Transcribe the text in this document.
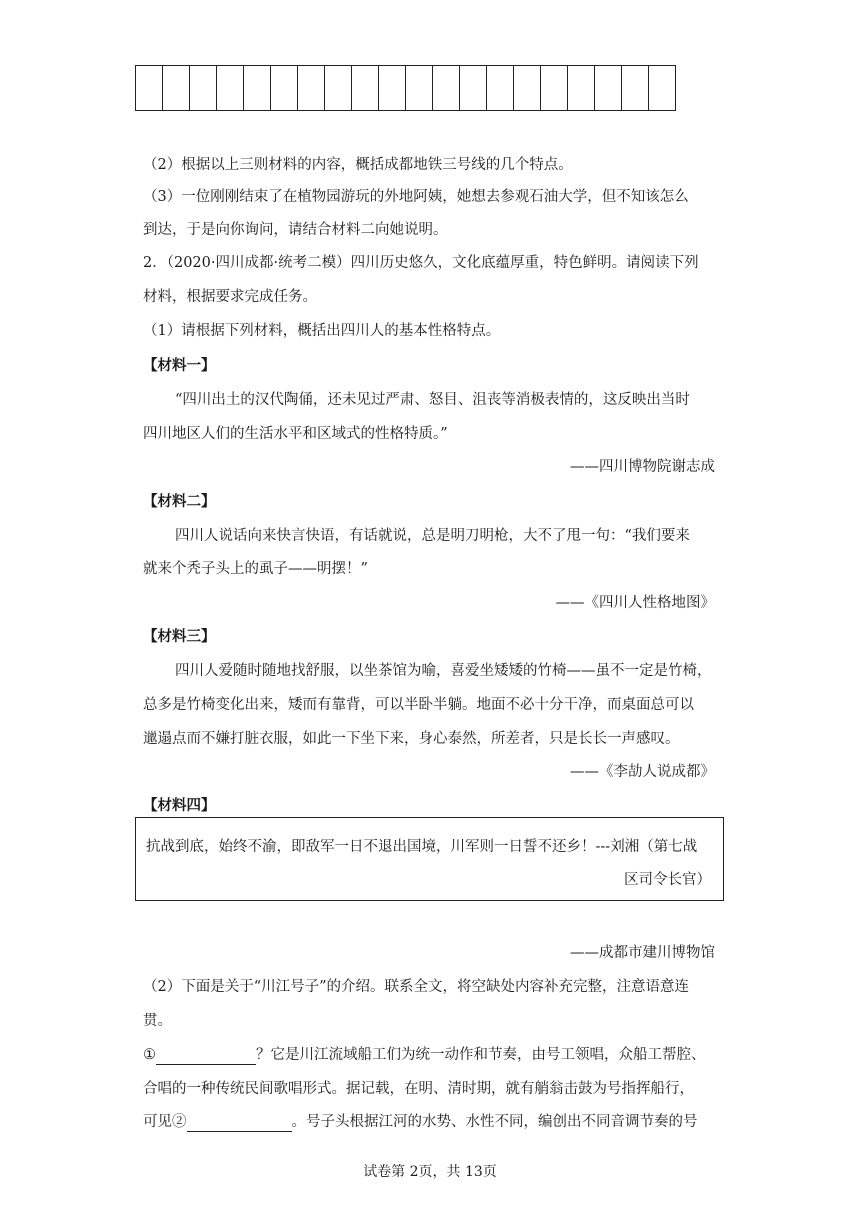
（2）根据以上三则材料的内容，概括成都地铁三号线的几个特点。
（3）一位刚刚结束了在植物园游玩的外地阿姨，她想去参观石油大学，但不知该怎么
到达，于是向你询问，请结合材料二向她说明。
2．（2020·四川成都·统考二模）四川历史悠久，文化底蕴厚重，特色鲜明。请阅读下列
材料，根据要求完成任务。
（1）请根据下列材料，概括出四川人的基本性格特点。
【材料一】
“四川出土的汉代陶俑，还未见过严肃、怒目、沮丧等消极表情的，这反映出当时
四川地区人们的生活水平和区域式的性格特质。”
——四川博物院谢志成
【材料二】
四川人说话向来快言快语，有话就说，总是明刀明枪，大不了甩一句：“我们要来
就来个秃子头上的虱子——明摆！”
——《四川人性格地图》
【材料三】
四川人爱随时随地找舒服，以坐茶馆为喻，喜爱坐矮矮的竹椅——虽不一定是竹椅，
总多是竹椅变化出来，矮而有靠背，可以半卧半躺。地面不必十分干净，而桌面总可以
邋遢点而不嫌打脏衣服，如此一下坐下来，身心泰然，所差者，只是长长一声感叹。
——《李劼人说成都》
【材料四】
抗战到底，始终不渝，即敌军一日不退出国境，川军则一日誓不还乡！---刘湘（第七战
区司令长官）
——成都市建川博物馆
（2）下面是关于“川江号子”的介绍。联系全文，将空缺处内容补充完整，注意语意连
贯。
①	？它是川江流域船工们为统一动作和节奏，由号工领唱，众船工帮腔、
合唱的一种传统民间歌唱形式。据记载，在明、清时期，就有艄翁击鼓为号指挥船行，
可见②	。号子头根据江河的水势、水性不同，编创出不同音调节奏的号
试卷第 2页，共 13页
